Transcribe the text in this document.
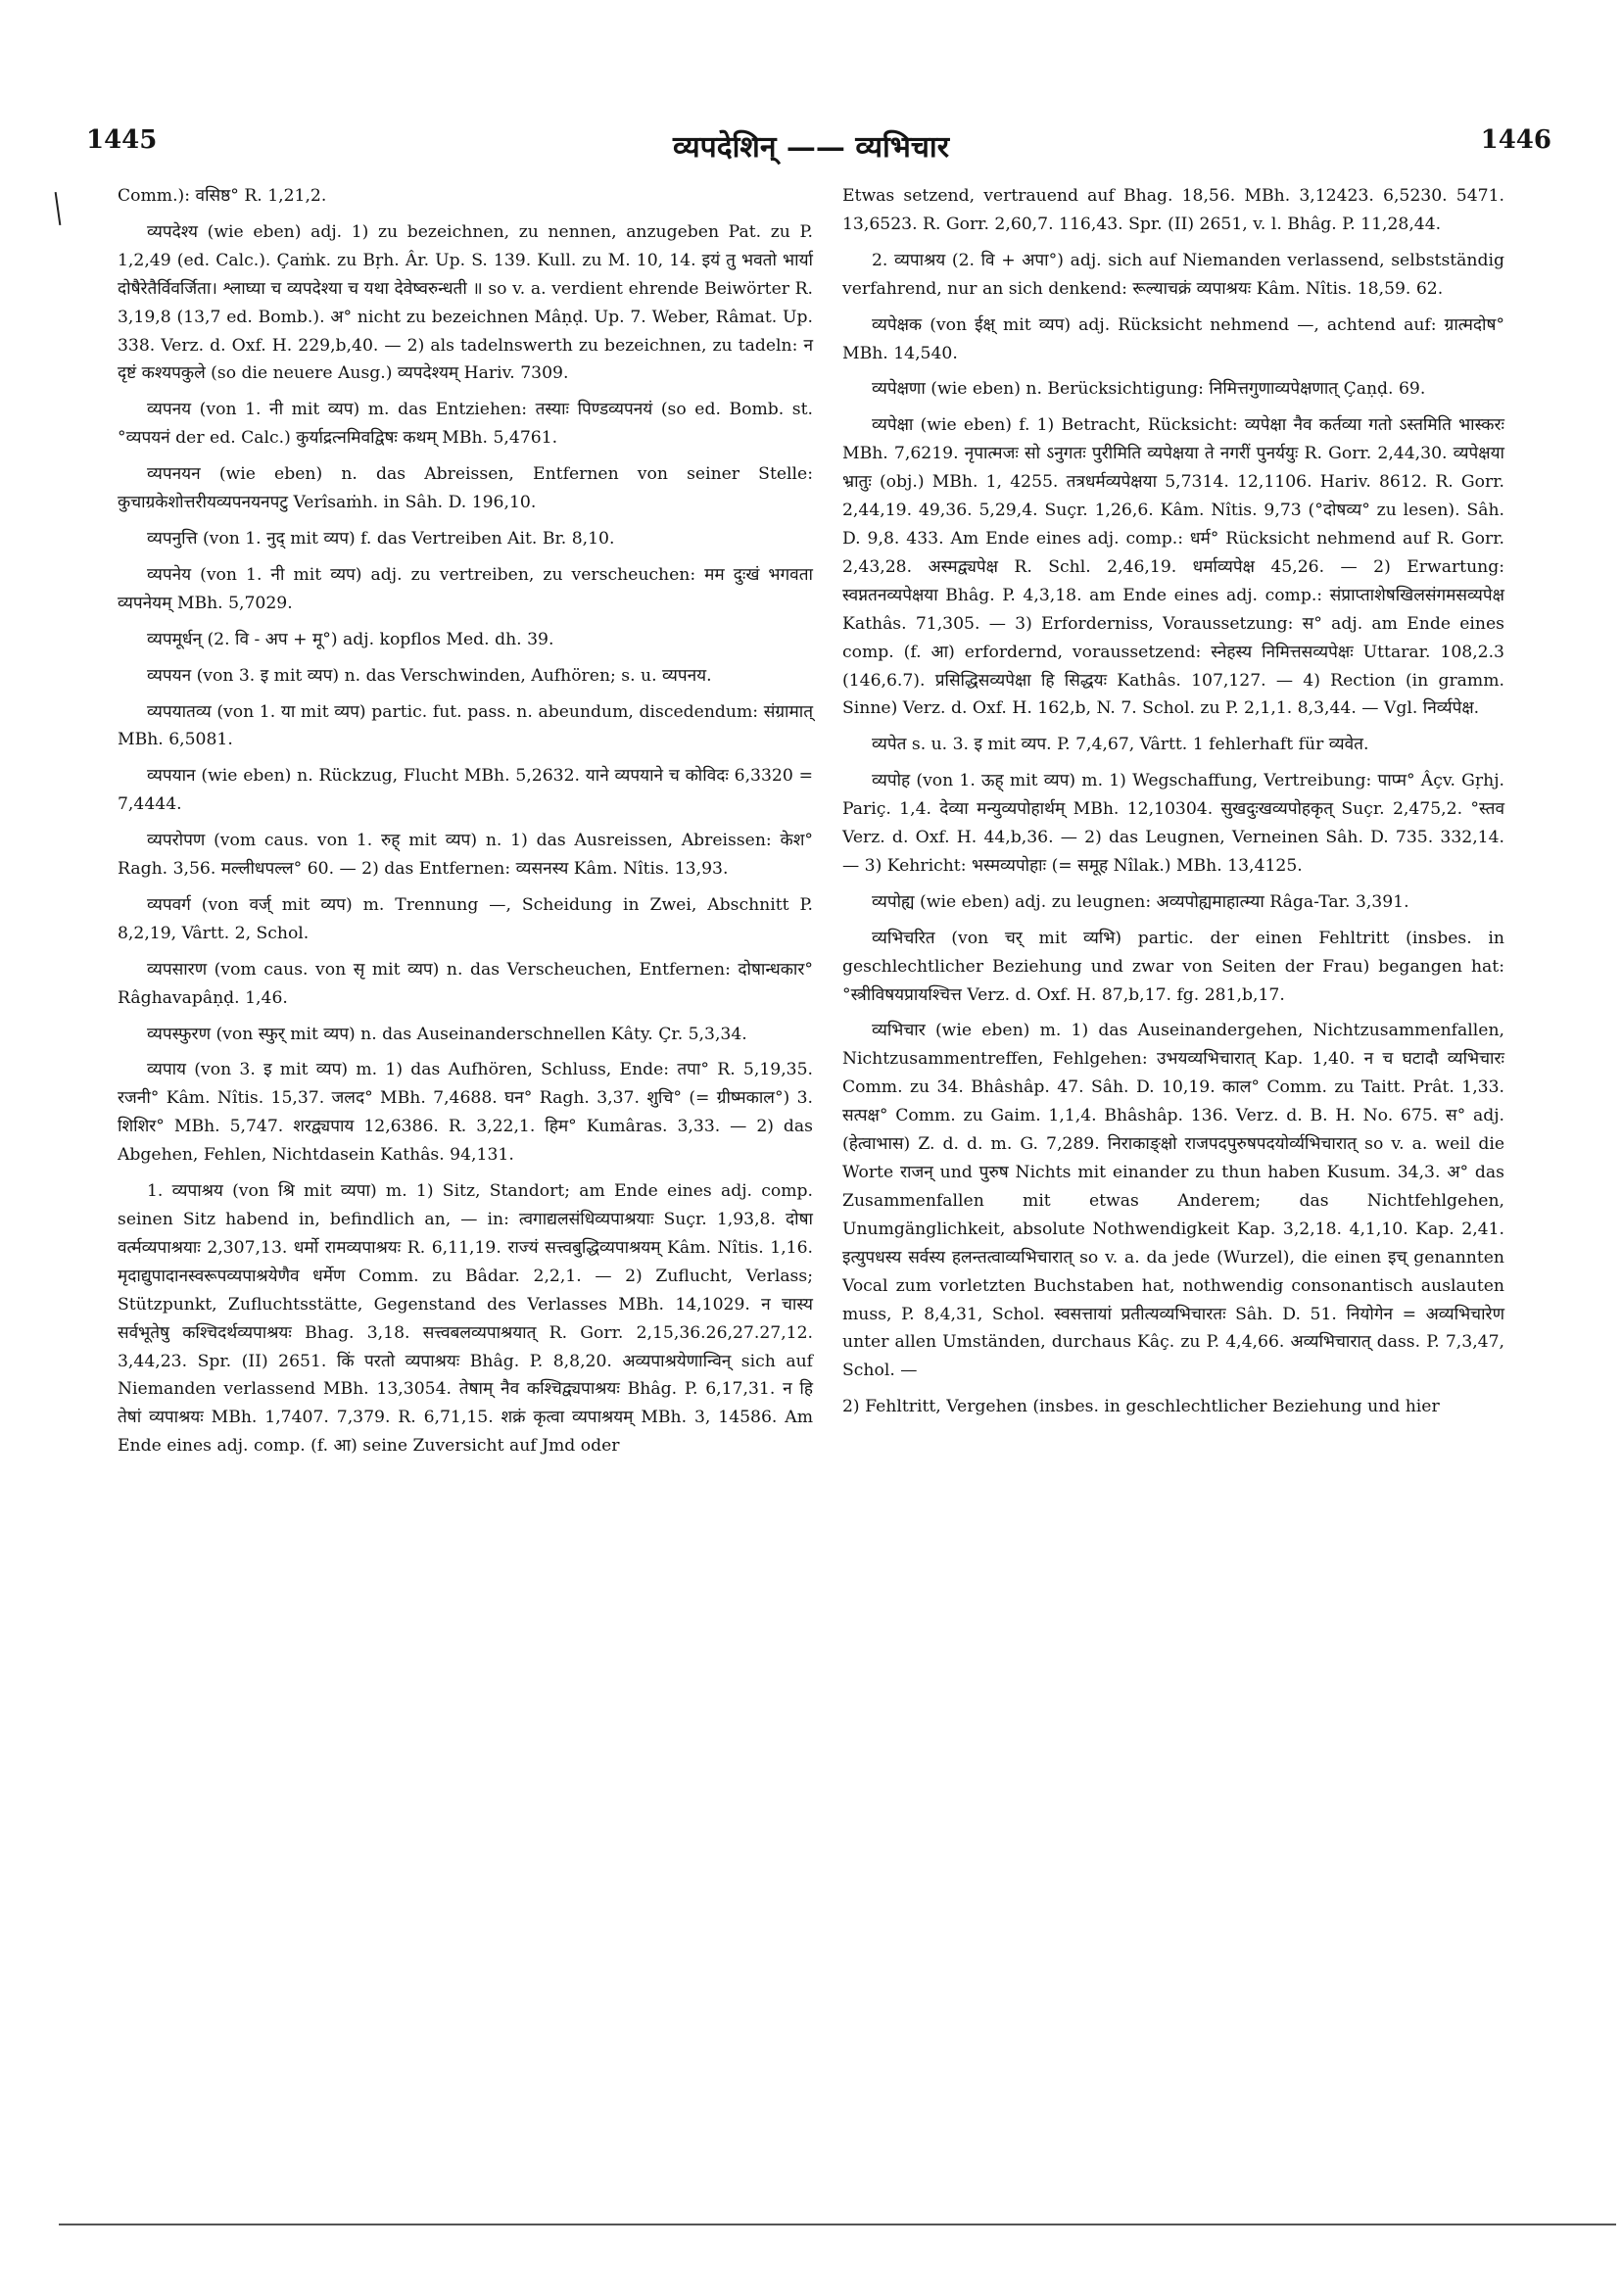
1445	व्यपदेशिन् —— व्यभिचार	1446

Comm.): वसिष्ठ° R. 1,21,2.

व्यपदेश्य (wie eben) adj. 1) zu bezeichnen, zu nennen, anzugeben Pat. zu P. 1,2,49 (ed. Calc.). Çaṁk. zu Bṛh. Âr. Up. S. 139. Kull. zu M. 10, 14. इयं तु भवतो भार्या दोषैरेतैर्विवर्जिता। श्लाघ्या च व्यपदेश्या च यथा देवेष्वरुन्धती ॥ so v. a. verdient ehrende Beiwörter R. 3,19,8 (13,7 ed. Bomb.). अ° nicht zu bezeichnen Mâṇḍ. Up. 7. Weber, Râmat. Up. 338. Verz. d. Oxf. H. 229,b,40. — 2) als tadelnswerth zu bezeichnen, zu tadeln: न दृष्टं कश्यपकुले (so die neuere Ausg.) व्यपदेश्यम् Hariv. 7309.

व्यपनय (von 1. नी mit व्यप) m. das Entziehen: तस्याः पिण्डव्यपनयं (so ed. Bomb. st. °व्यपयनं der ed. Calc.) कुर्याद्रत्नमिवद्विषः कथम् MBh. 5,4761.

व्यपनयन (wie eben) n. das Abreissen, Entfernen von seiner Stelle: कुचाग्रकेशोत्तरीयव्यपनयनपटु Verîsaṁh. in Sâh. D. 196,10.

व्यपनुत्ति (von 1. नुद् mit व्यप) f. das Vertreiben Ait. Br. 8,10.

व्यपनेय (von 1. नी mit व्यप) adj. zu vertreiben, zu verscheuchen: मम दुःखं भगवता व्यपनेयम् MBh. 5,7029.

व्यपमूर्धन् (2. वि - अप + मू°) adj. kopflos Med. dh. 39.

व्यपयन (von 3. इ mit व्यप) n. das Verschwinden, Aufhören; s. u. व्यपनय.

व्यपयातव्य (von 1. या mit व्यप) partic. fut. pass. n. abeundum, discedendum: संग्रामात् MBh. 6,5081.

व्यपयान (wie eben) n. Rückzug, Flucht MBh. 5,2632. याने व्यपयाने च कोविदः 6,3320 = 7,4444.

व्यपरोपण (vom caus. von 1. रुह् mit व्यप) n. 1) das Ausreissen, Abreissen: केश° Ragh. 3,56. मल्लीधपल्ल° 60. — 2) das Entfernen: व्यसनस्य Kâm. Nîtis. 13,93.

व्यपवर्ग (von वर्ज् mit व्यप) m. Trennung —, Scheidung in Zwei, Abschnitt P. 8,2,19, Vârtt. 2, Schol.

व्यपसारण (vom caus. von सृ mit व्यप) n. das Verscheuchen, Entfernen: दोषान्धकार° Râghavapâṇḍ. 1,46.

व्यपस्फुरण (von स्फुर् mit व्यप) n. das Auseinanderschnellen Kâty. Çr. 5,3,34.

व्यपाय (von 3. इ mit व्यप) m. 1) das Aufhören, Schluss, Ende: तपा° R. 5,19,35. रजनी° Kâm. Nîtis. 15,37. जलद° MBh. 7,4688. घन° Ragh. 3,37. शुचि° (= ग्रीष्मकाल°) 3. शिशिर° MBh. 5,747. शरद्व्यपाय 12,6386. R. 3,22,1. हिम° Kumâras. 3,33. — 2) das Abgehen, Fehlen, Nichtdasein Kathâs. 94,131.

1. व्यपाश्रय (von श्रि mit व्यपा) m. 1) Sitz, Standort; am Ende eines adj. comp. seinen Sitz habend in, befindlich an, — in: त्वगाद्यलसंधिव्यपाश्रयाः Suçr. 1,93,8. दोषा वर्त्मव्यपाश्रयाः 2,307,13. धर्मो रामव्यपाश्रयः R. 6,11,19. राज्यं सत्त्वबुद्धिव्यपाश्रयम् Kâm. Nîtis. 1,16. मृदाद्युपादानस्वरूपव्यपाश्रयेणैव धर्मेण Comm. zu Bâdar. 2,2,1. — 2) Zuflucht, Verlass; Stützpunkt, Zufluchtsstätte, Gegenstand des Verlasses MBh. 14,1029. न चास्य सर्वभूतेषु कश्चिदर्थव्यपाश्रयः Bhag. 3,18. सत्त्वबलव्यपाश्रयात् R. Gorr. 2,15,36.26,27.27,12. 3,44,23. Spr. (II) 2651. किं परतो व्यपाश्रयः Bhâg. P. 8,8,20. अव्यपाश्रयेणान्विन् sich auf Niemanden verlassend MBh. 13,3054. तेषाम् नैव कश्चिद्व्यपाश्रयः Bhâg. P. 6,17,31. न हि तेषां व्यपाश्रयः MBh. 1,7407. 7,379. R. 6,71,15. शक्रं कृत्वा व्यपाश्रयम् MBh. 3, 14586. Am Ende eines adj. comp. (f. आ) seine Zuversicht auf Jmd oder

Etwas setzend, vertrauend auf Bhag. 18,56. MBh. 3,12423. 6,5230. 5471. 13,6523. R. Gorr. 2,60,7. 116,43. Spr. (II) 2651, v. l. Bhâg. P. 11,28,44.

2. व्यपाश्रय (2. वि + अपा°) adj. sich auf Niemanden verlassend, selbstständig verfahrend, nur an sich denkend: रूल्याचक्रं व्यपाश्रयः Kâm. Nîtis. 18,59. 62.

व्यपेक्षक (von ईक्ष् mit व्यप) adj. Rücksicht nehmend —, achtend auf: ग्रात्मदोष° MBh. 14,540.

व्यपेक्षणा (wie eben) n. Berücksichtigung: निमित्तगुणाव्यपेक्षणात् Çaṇḍ. 69.

व्यपेक्षा (wie eben) f. 1) Betracht, Rücksicht: व्यपेक्षा नैव कर्तव्या गतो ऽस्तमिति भास्करः MBh. 7,6219. नृपात्मजः सो ऽनुगतः पुरीमिति व्यपेक्षया ते नगरीं पुनर्ययुः R. Gorr. 2,44,30. व्यपेक्षया भ्रातुः (obj.) MBh. 1, 4255. तत्रधर्मव्यपेक्षया 5,7314. 12,1106. Hariv. 8612. R. Gorr. 2,44,19. 49,36. 5,29,4. Suçr. 1,26,6. Kâm. Nîtis. 9,73 (°दोषव्य° zu lesen). Sâh. D. 9,8. 433. Am Ende eines adj. comp.: धर्म° Rücksicht nehmend auf R. Gorr. 2,43,28. अस्मद्व्यपेक्ष R. Schl. 2,46,19. धर्माव्यपेक्ष 45,26. — 2) Erwartung: स्वप्नतनव्यपेक्षया Bhâg. P. 4,3,18. am Ende eines adj. comp.: संप्राप्ताशेषखिलसंगमसव्यपेक्ष Kathâs. 71,305. — 3) Erforderniss, Voraussetzung: स° adj. am Ende eines comp. (f. आ) erfordernd, voraussetzend: स्नेहस्य निमित्तसव्यपेक्षः Uttarar. 108,2.3 (146,6.7). प्रसिद्धिसव्यपेक्षा हि सिद्धयः Kathâs. 107,127. — 4) Rection (in gramm. Sinne) Verz. d. Oxf. H. 162,b, N. 7. Schol. zu P. 2,1,1. 8,3,44. — Vgl. निर्व्यपेक्ष.

व्यपेत s. u. 3. इ mit व्यप. P. 7,4,67, Vârtt. 1 fehlerhaft für व्यवेत.

व्यपोह (von 1. ऊह् mit व्यप) m. 1) Wegschaffung, Vertreibung: पाप्म° Âçv. Gṛhj. Pariç. 1,4. देव्या मन्युव्यपोहार्थम् MBh. 12,10304. सुखदुःखव्यपोहकृत् Suçr. 2,475,2. °स्तव Verz. d. Oxf. H. 44,b,36. — 2) das Leugnen, Verneinen Sâh. D. 735. 332,14. — 3) Kehricht: भस्मव्यपोहाः (= समूह Nîlak.) MBh. 13,4125.

व्यपोह्य (wie eben) adj. zu leugnen: अव्यपोह्यमाहात्म्या Râga-Tar. 3,391.

व्यभिचरित (von चर् mit व्यभि) partic. der einen Fehltritt (insbes. in geschlechtlicher Beziehung und zwar von Seiten der Frau) begangen hat: °स्त्रीविषयप्रायश्चित्त Verz. d. Oxf. H. 87,b,17. fg. 281,b,17.

व्यभिचार (wie eben) m. 1) das Auseinandergehen, Nichtzusammenfallen, Nichtzusammentreffen, Fehlgehen: उभयव्यभिचारात् Kap. 1,40. न च घटादौ व्यभिचारः Comm. zu 34. Bhâshâp. 47. Sâh. D. 10,19. काल° Comm. zu Taitt. Prât. 1,33. सत्पक्ष° Comm. zu Gaim. 1,1,4. Bhâshâp. 136. Verz. d. B. H. No. 675. स° adj. (हेत्वाभास) Z. d. d. m. G. 7,289. निराकाङ्क्षो राजपदपुरुषपदयोर्व्यभिचारात् so v. a. weil die Worte राजन् und पुरुष Nichts mit einander zu thun haben Kusum. 34,3. अ° das Zusammenfallen mit etwas Anderem; das Nichtfehlgehen, Unumgänglichkeit, absolute Nothwendigkeit Kap. 3,2,18. 4,1,10. Kap. 2,41. इत्युपधस्य सर्वस्य हलन्तत्वाव्यभिचारात् so v. a. da jede (Wurzel), die einen इच् genannten Vocal zum vorletzten Buchstaben hat, nothwendig consonantisch auslauten muss, P. 8,4,31, Schol. स्वसत्तायां प्रतीत्यव्यभिचारतः Sâh. D. 51. नियोगेन = अव्यभिचारेण unter allen Umständen, durchaus Kâç. zu P. 4,4,66. अव्यभिचारात् dass. P. 7,3,47, Schol. —

2) Fehltritt, Vergehen (insbes. in geschlechtlicher Beziehung und hier
